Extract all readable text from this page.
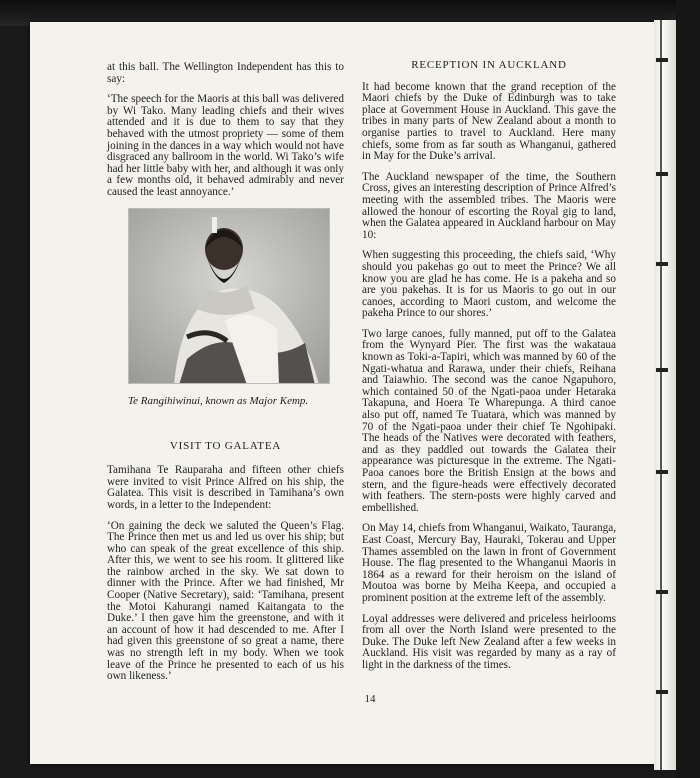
at this ball. The Wellington Independent has this to say:

‘The speech for the Maoris at this ball was delivered by Wi Tako. Many leading chiefs and their wives attended and it is due to them to say that they behaved with the utmost propriety — some of them joining in the dances in a way which would not have disgraced any ballroom in the world. Wi Tako’s wife had her little baby with her, and although it was only a few months old, it behaved admirably and never caused the least annoyance.’

Te Rangihiwinui, known as Major Kemp.
VISIT TO GALATEA

Tamihana Te Rauparaha and fifteen other chiefs were invited to visit Prince Alfred on his ship, the Galatea. This visit is described in Tamihana’s own words, in a letter to the Independent:

‘On gaining the deck we saluted the Queen’s Flag. The Prince then met us and led us over his ship; but who can speak of the great excellence of this ship. After this, we went to see his room. It glittered like the rainbow arched in the sky. We sat down to dinner with the Prince. After we had finished, Mr Cooper (Native Secretary), said: ‘Tamihana, present the Motoi Kahurangi named Kaitangata to the Duke.’ I then gave him the greenstone, and with it an account of how it had descended to me. After I had given this greenstone of so great a name, there was no strength left in my body. When we took leave of the Prince he presented to each of us his own likeness.’

RECEPTION IN AUCKLAND

It had become known that the grand reception of the Maori chiefs by the Duke of Edinburgh was to take place at Government House in Auckland. This gave the tribes in many parts of New Zealand about a month to organise parties to travel to Auckland. Here many chiefs, some from as far south as Whanganui, gathered in May for the Duke’s arrival.

The Auckland newspaper of the time, the Southern Cross, gives an interesting description of Prince Alfred’s meeting with the assembled tribes. The Maoris were allowed the honour of escorting the Royal gig to land, when the Galatea appeared in Auckland harbour on May 10:

When suggesting this proceeding, the chiefs said, ‘Why should you pakehas go out to meet the Prince? We all know you are glad he has come. He is a pakeha and so are you pakehas. It is for us Maoris to go out in our canoes, according to Maori custom, and welcome the pakeha Prince to our shores.’

Two large canoes, fully manned, put off to the Galatea from the Wynyard Pier. The first was the wakataua known as Toki-a-Tapiri, which was manned by 60 of the Ngati-whatua and Rarawa, under their chiefs, Reihana and Taiawhio. The second was the canoe Ngapuhoro, which contained 50 of the Ngati-paoa under Hetaraka Takapuna, and Hoera Te Wharepunga. A third canoe also put off, named Te Tuatara, which was manned by 70 of the Ngati-paoa under their chief Te Ngohipaki. The heads of the Natives were decorated with feathers, and as they paddled out towards the Galatea their appearance was picturesque in the extreme. The Ngati-Paoa canoes bore the British Ensign at the bows and stern, and the figure-heads were effectively decorated with feathers. The stern-posts were highly carved and embellished.

On May 14, chiefs from Whanganui, Waikato, Tauranga, East Coast, Mercury Bay, Hauraki, Tokerau and Upper Thames assembled on the lawn in front of Government House. The flag presented to the Whanganui Maoris in 1864 as a reward for their heroism on the island of Moutoa was borne by Meiha Keepa, and occupied a prominent position at the extreme left of the assembly.

Loyal addresses were delivered and priceless heirlooms from all over the North Island were presented to the Duke. The Duke left New Zealand after a few weeks in Auckland. His visit was regarded by many as a ray of light in the darkness of the times.

14
